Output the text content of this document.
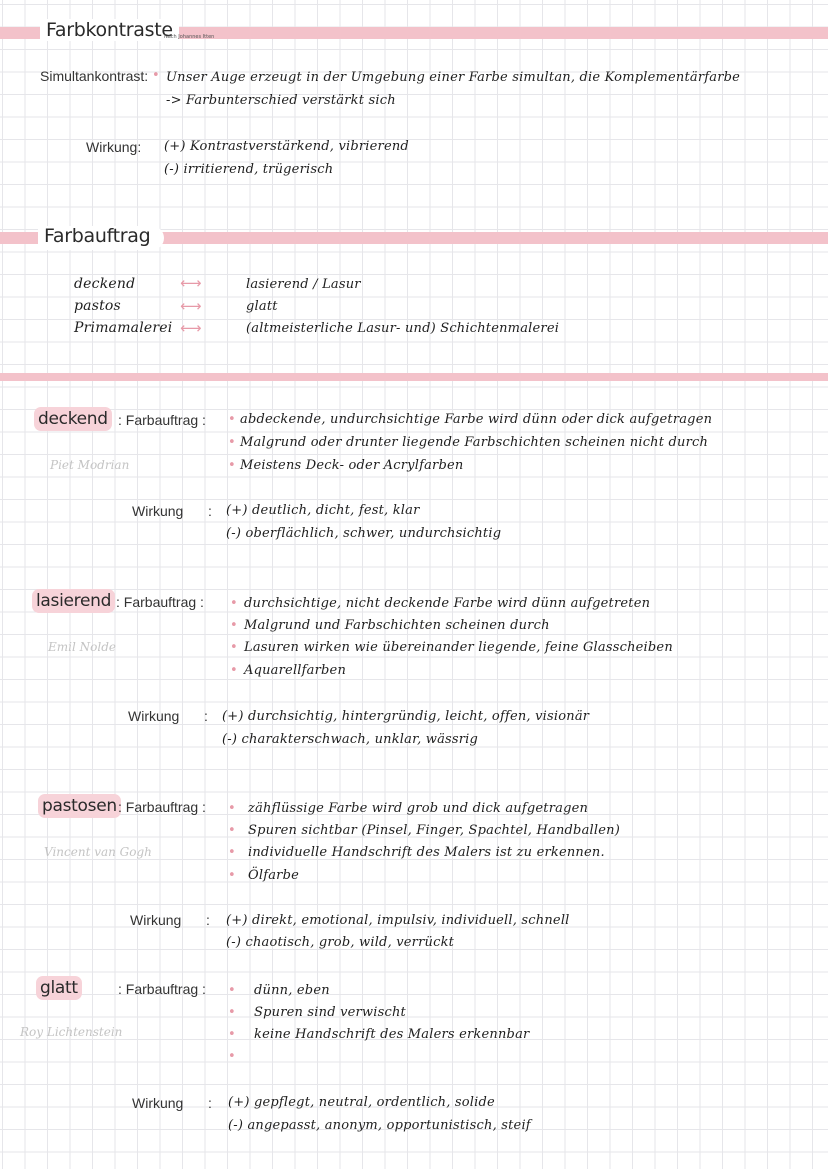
Farbkontraste
Nach Johannes Itten
Simultankontrast: • Unser Auge erzeugt in der Umgebung einer Farbe simultan, die Komplementärfarbe
-> Farbunterschied verstärkt sich
Wirkung: (+) Kontrastverstärkend, vibrierend
(-) irritierend, trügerisch
Farbauftrag
deckend	⟷	lasierend / Lasur
pastos	⟷	glatt
Primamalerei ⟷	(altmeisterliche Lasur- und) Schichtenmalerei
deckend : Farbauftrag : • abdeckende, undurchsichtige Farbe wird dünn oder dick aufgetragen
• Malgrund oder drunter liegende Farbschichten scheinen nicht durch
• Meistens Deck- oder Acrylfarben
Piet Modrian
Wirkung : (+) deutlich, dicht, fest, klar
(-) oberflächlich, schwer, undurchsichtig
lasierend : Farbauftrag : • durchsichtige, nicht deckende Farbe wird dünn aufgetreten
• Malgrund und Farbschichten scheinen durch
• Lasuren wirken wie übereinander liegende, feine Glasscheiben
• Aquarellfarben
Emil Nolde
Wirkung : (+) durchsichtig, hintergründig, leicht, offen, visionär
(-) charakterschwach, unklar, wässrig
pastosen : Farbauftrag : • zähflüssige Farbe wird grob und dick aufgetragen
• Spuren sichtbar (Pinsel, Finger, Spachtel, Handballen)
• individuelle Handschrift des Malers ist zu erkennen.
• Ölfarbe
Vincent van Gogh
Wirkung : (+) direkt, emotional, impulsiv, individuell, schnell
(-) chaotisch, grob, wild, verrückt
glatt	: Farbauftrag : • dünn, eben
• Spuren sind verwischt
• keine Handschrift des Malers erkennbar
•
Roy Lichtenstein
Wirkung : (+) gepflegt, neutral, ordentlich, solide
(-) angepasst, anonym, opportunistisch, steif
